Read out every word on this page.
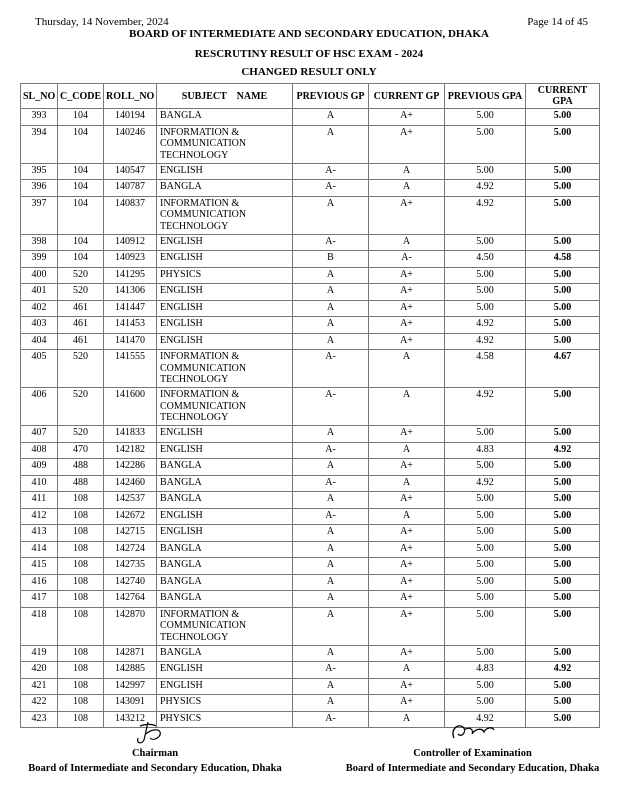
Thursday, 14 November, 2024	Page 14 of 45
BOARD OF INTERMEDIATE AND SECONDARY EDUCATION, DHAKA
RESCRUTINY RESULT OF HSC EXAM - 2024
CHANGED RESULT ONLY
SL_NO	C_CODE	ROLL_NO	SUBJECT    NAME	PREVIOUS GP	CURRENT GP	PREVIOUS GPA	CURRENT GPA
393	104	140194	BANGLA	A	A+	5.00	5.00
394	104	140246	INFORMATION & COMMUNICATION TECHNOLOGY	A	A+	5.00	5.00
395	104	140547	ENGLISH	A-	A	5.00	5.00
396	104	140787	BANGLA	A-	A	4.92	5.00
397	104	140837	INFORMATION & COMMUNICATION TECHNOLOGY	A	A+	4.92	5.00
398	104	140912	ENGLISH	A-	A	5.00	5.00
399	104	140923	ENGLISH	B	A-	4.50	4.58
400	520	141295	PHYSICS	A	A+	5.00	5.00
401	520	141306	ENGLISH	A	A+	5.00	5.00
402	461	141447	ENGLISH	A	A+	5.00	5.00
403	461	141453	ENGLISH	A	A+	4.92	5.00
404	461	141470	ENGLISH	A	A+	4.92	5.00
405	520	141555	INFORMATION & COMMUNICATION TECHNOLOGY	A-	A	4.58	4.67
406	520	141600	INFORMATION & COMMUNICATION TECHNOLOGY	A-	A	4.92	5.00
407	520	141833	ENGLISH	A	A+	5.00	5.00
408	470	142182	ENGLISH	A-	A	4.83	4.92
409	488	142286	BANGLA	A	A+	5.00	5.00
410	488	142460	BANGLA	A-	A	4.92	5.00
411	108	142537	BANGLA	A	A+	5.00	5.00
412	108	142672	ENGLISH	A-	A	5.00	5.00
413	108	142715	ENGLISH	A	A+	5.00	5.00
414	108	142724	BANGLA	A	A+	5.00	5.00
415	108	142735	BANGLA	A	A+	5.00	5.00
416	108	142740	BANGLA	A	A+	5.00	5.00
417	108	142764	BANGLA	A	A+	5.00	5.00
418	108	142870	INFORMATION & COMMUNICATION TECHNOLOGY	A	A+	5.00	5.00
419	108	142871	BANGLA	A	A+	5.00	5.00
420	108	142885	ENGLISH	A-	A	4.83	4.92
421	108	142997	ENGLISH	A	A+	5.00	5.00
422	108	143091	PHYSICS	A	A+	5.00	5.00
423	108	143212	PHYSICS	A-	A	4.92	5.00
Chairman
Board of Intermediate and Secondary Education, Dhaka
Controller of Examination
Board of Intermediate and Secondary Education, Dhaka
